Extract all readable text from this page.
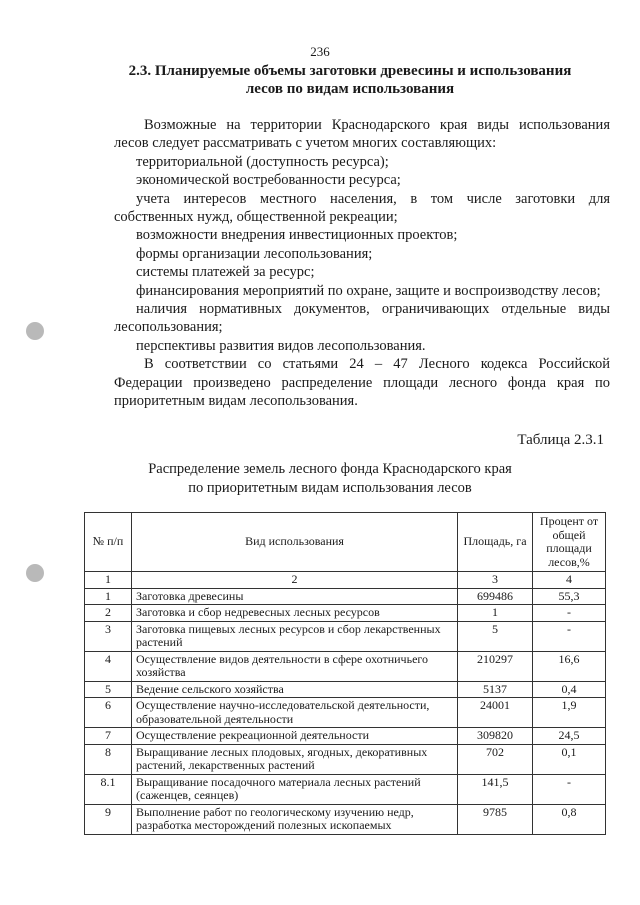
236
2.3. Планируемые объемы заготовки древесины и использования
лесов по видам использования

Возможные на территории Краснодарского края виды использования лесов следует рассматривать с учетом многих составляющих:

территориальной (доступность ресурса);

экономической востребованности ресурса;

учета интересов местного населения, в том числе заготовки для собственных нужд, общественной рекреации;

возможности внедрения инвестиционных проектов;

формы организации лесопользования;

системы платежей за ресурс;

финансирования мероприятий по охране, защите и воспроизводству лесов;

наличия нормативных документов, ограничивающих отдельные виды лесопользования;

перспективы развития видов лесопользования.

В соответствии со статьями 24 – 47 Лесного кодекса Российской Федерации произведено распределение площади лесного фонда края по приоритетным видам лесопользования.

Таблица 2.3.1
Распределение земель лесного фонда Краснодарского края
по приоритетным видам использования лесов
№ п/п	Вид использования	Площадь, га	Процент от общей площади лесов,%
1	2	3	4
1	Заготовка древесины	699486	55,3
2	Заготовка и сбор недревесных лесных ресурсов	1	-
3	Заготовка пищевых лесных ресурсов и сбор лекарственных растений	5	-
4	Осуществление видов деятельности в сфере охотничьего хозяйства	210297	16,6
5	Ведение сельского хозяйства	5137	0,4
6	Осуществление научно-исследовательской деятельности, образовательной деятельности	24001	1,9
7	Осуществление рекреационной деятельности	309820	24,5
8	Выращивание лесных плодовых, ягодных, декоративных растений, лекарственных растений	702	0,1
8.1	Выращивание посадочного материала лесных растений (саженцев, сеянцев)	141,5	-
9	Выполнение работ по геологическому изучению недр, разработка месторождений полезных ископаемых	9785	0,8
